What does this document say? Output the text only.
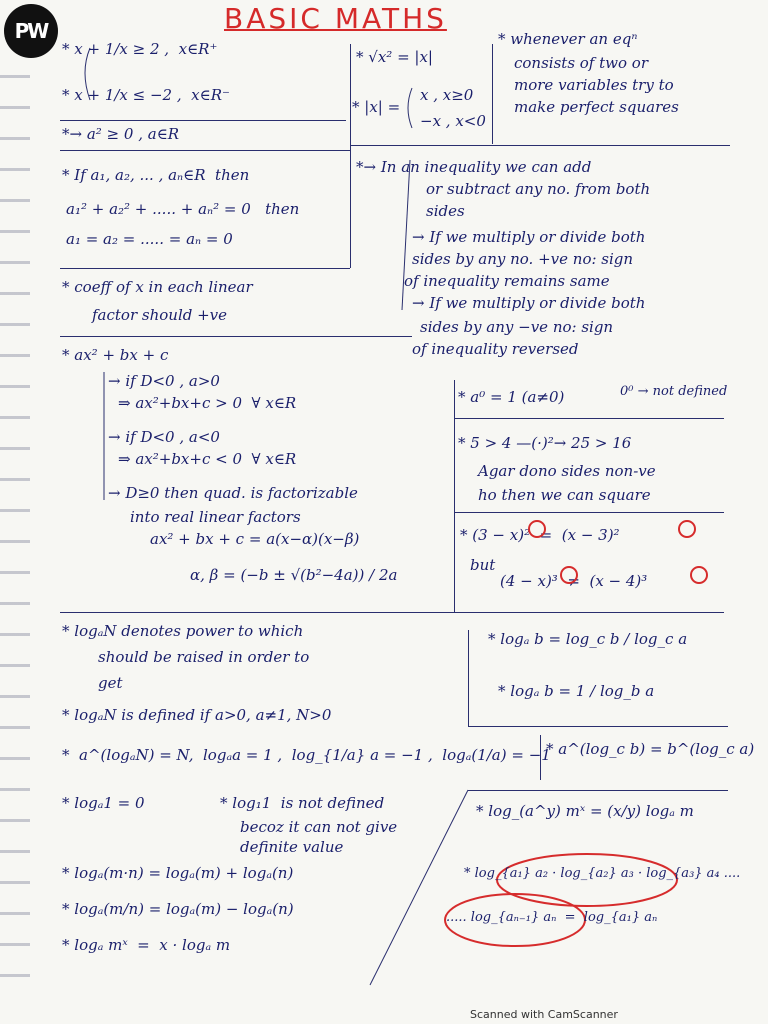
PW	BASIC MATHS
* x + 1/x ≥ 2 ,  x∈R⁺
* x + 1/x ≤ −2 ,  x∈R⁻
*→ a² ≥ 0 , a∈R
* If a₁, a₂, ... , aₙ∈R  then
a₁² + a₂² + ..... + aₙ² = 0   then
a₁ = a₂ = ..... = aₙ = 0
* coeff of x in each linear
factor should +ve
* ax² + bx + c
→ if D<0 , a>0
⇒ ax²+bx+c > 0  ∀ x∈R
→ if D<0 , a<0
⇒ ax²+bx+c < 0  ∀ x∈R
→ D≥0 then quad. is factorizable
into real linear factors
ax² + bx + c = a(x−α)(x−β)
α, β = (−b ± √(b²−4a)) / 2a
* √x² = |x|
* |x| =
x , x≥0
−x , x<0
* whenever an eqⁿ
consists of two or
more variables try to
make perfect squares
*→ In an inequality we can add
or subtract any no. from both
sides
→ If we multiply or divide both
sides by any no. +ve no: sign
of inequality remains same
→ If we multiply or divide both
sides by any −ve no: sign
of inequality reversed
* a⁰ = 1 (a≠0)	0⁰ → not defined
* 5 > 4 —(·)²→ 25 > 16
Agar dono sides non-ve
ho then we can square
* (3 − x)²  =  (x − 3)²
but
(4 − x)³  ≠  (x − 4)³
* logₐN denotes power to which
should be raised in order to
get
* logₐN is defined if a>0, a≠1, N>0
*  a^(logₐN) = N,  logₐa = 1 ,  log_{1/a} a = −1 ,  logₐ(1/a) = −1
* logₐ1 = 0	* log₁1  is not defined
becoz it can not give
definite value
* logₐ(m·n) = logₐ(m) + logₐ(n)
* logₐ(m/n) = logₐ(m) − logₐ(n)
* logₐ mˣ  =  x · logₐ m
* logₐ b = log_c b / log_c a
* logₐ b = 1 / log_b a
* a^(log_c b) = b^(log_c a)
* log_(a^y) mˣ = (x/y) logₐ m
* log_{a₁} a₂ · log_{a₂} a₃ · log_{a₃} a₄ ....
..... log_{aₙ₋₁} aₙ  =  log_{a₁} aₙ
Scanned with CamScanner
